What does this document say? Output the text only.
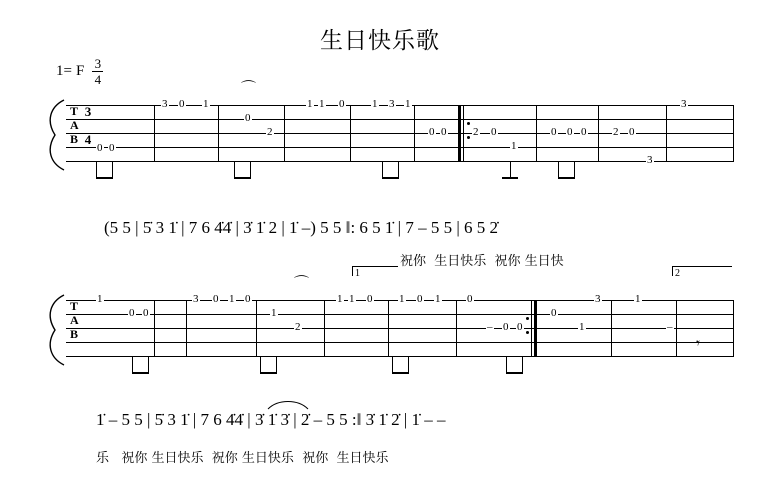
生日快乐歌
1= F $\frac{3}{4}$
T
A
B
3
4
0 0
3 0 1
0
2
1 1 0	1 3 1
0 0 2 0
1
0 0 0 2 0
3
3
⌒
(5 5 | 5̇ 3 1̇ | 7 6 4̇4̇ | 3̇ 1̇ 2 | 1̇ –) 5 5 ‖: 6 5 1̇ | 7 – 5 5 | 6 5 2̇
祝你  生日快乐  祝你 生日快
1	2
T
A
B
1
0 0
3 0 1 0
1
2
1 1 0 1 0 1 0
– 0 0
0
1
3	1
–
𝄾
⌒
1̇ – 5 5 | 5̇ 3 1̇ | 7 6 4̇4̇ | 3̇ 1̇ 3̇ | 2̇ – 5 5 :‖ 3̇ 1̇ 2̇ | 1̇ – –
乐   祝你 生日快乐  祝你 生日快乐  祝你  生日快乐
